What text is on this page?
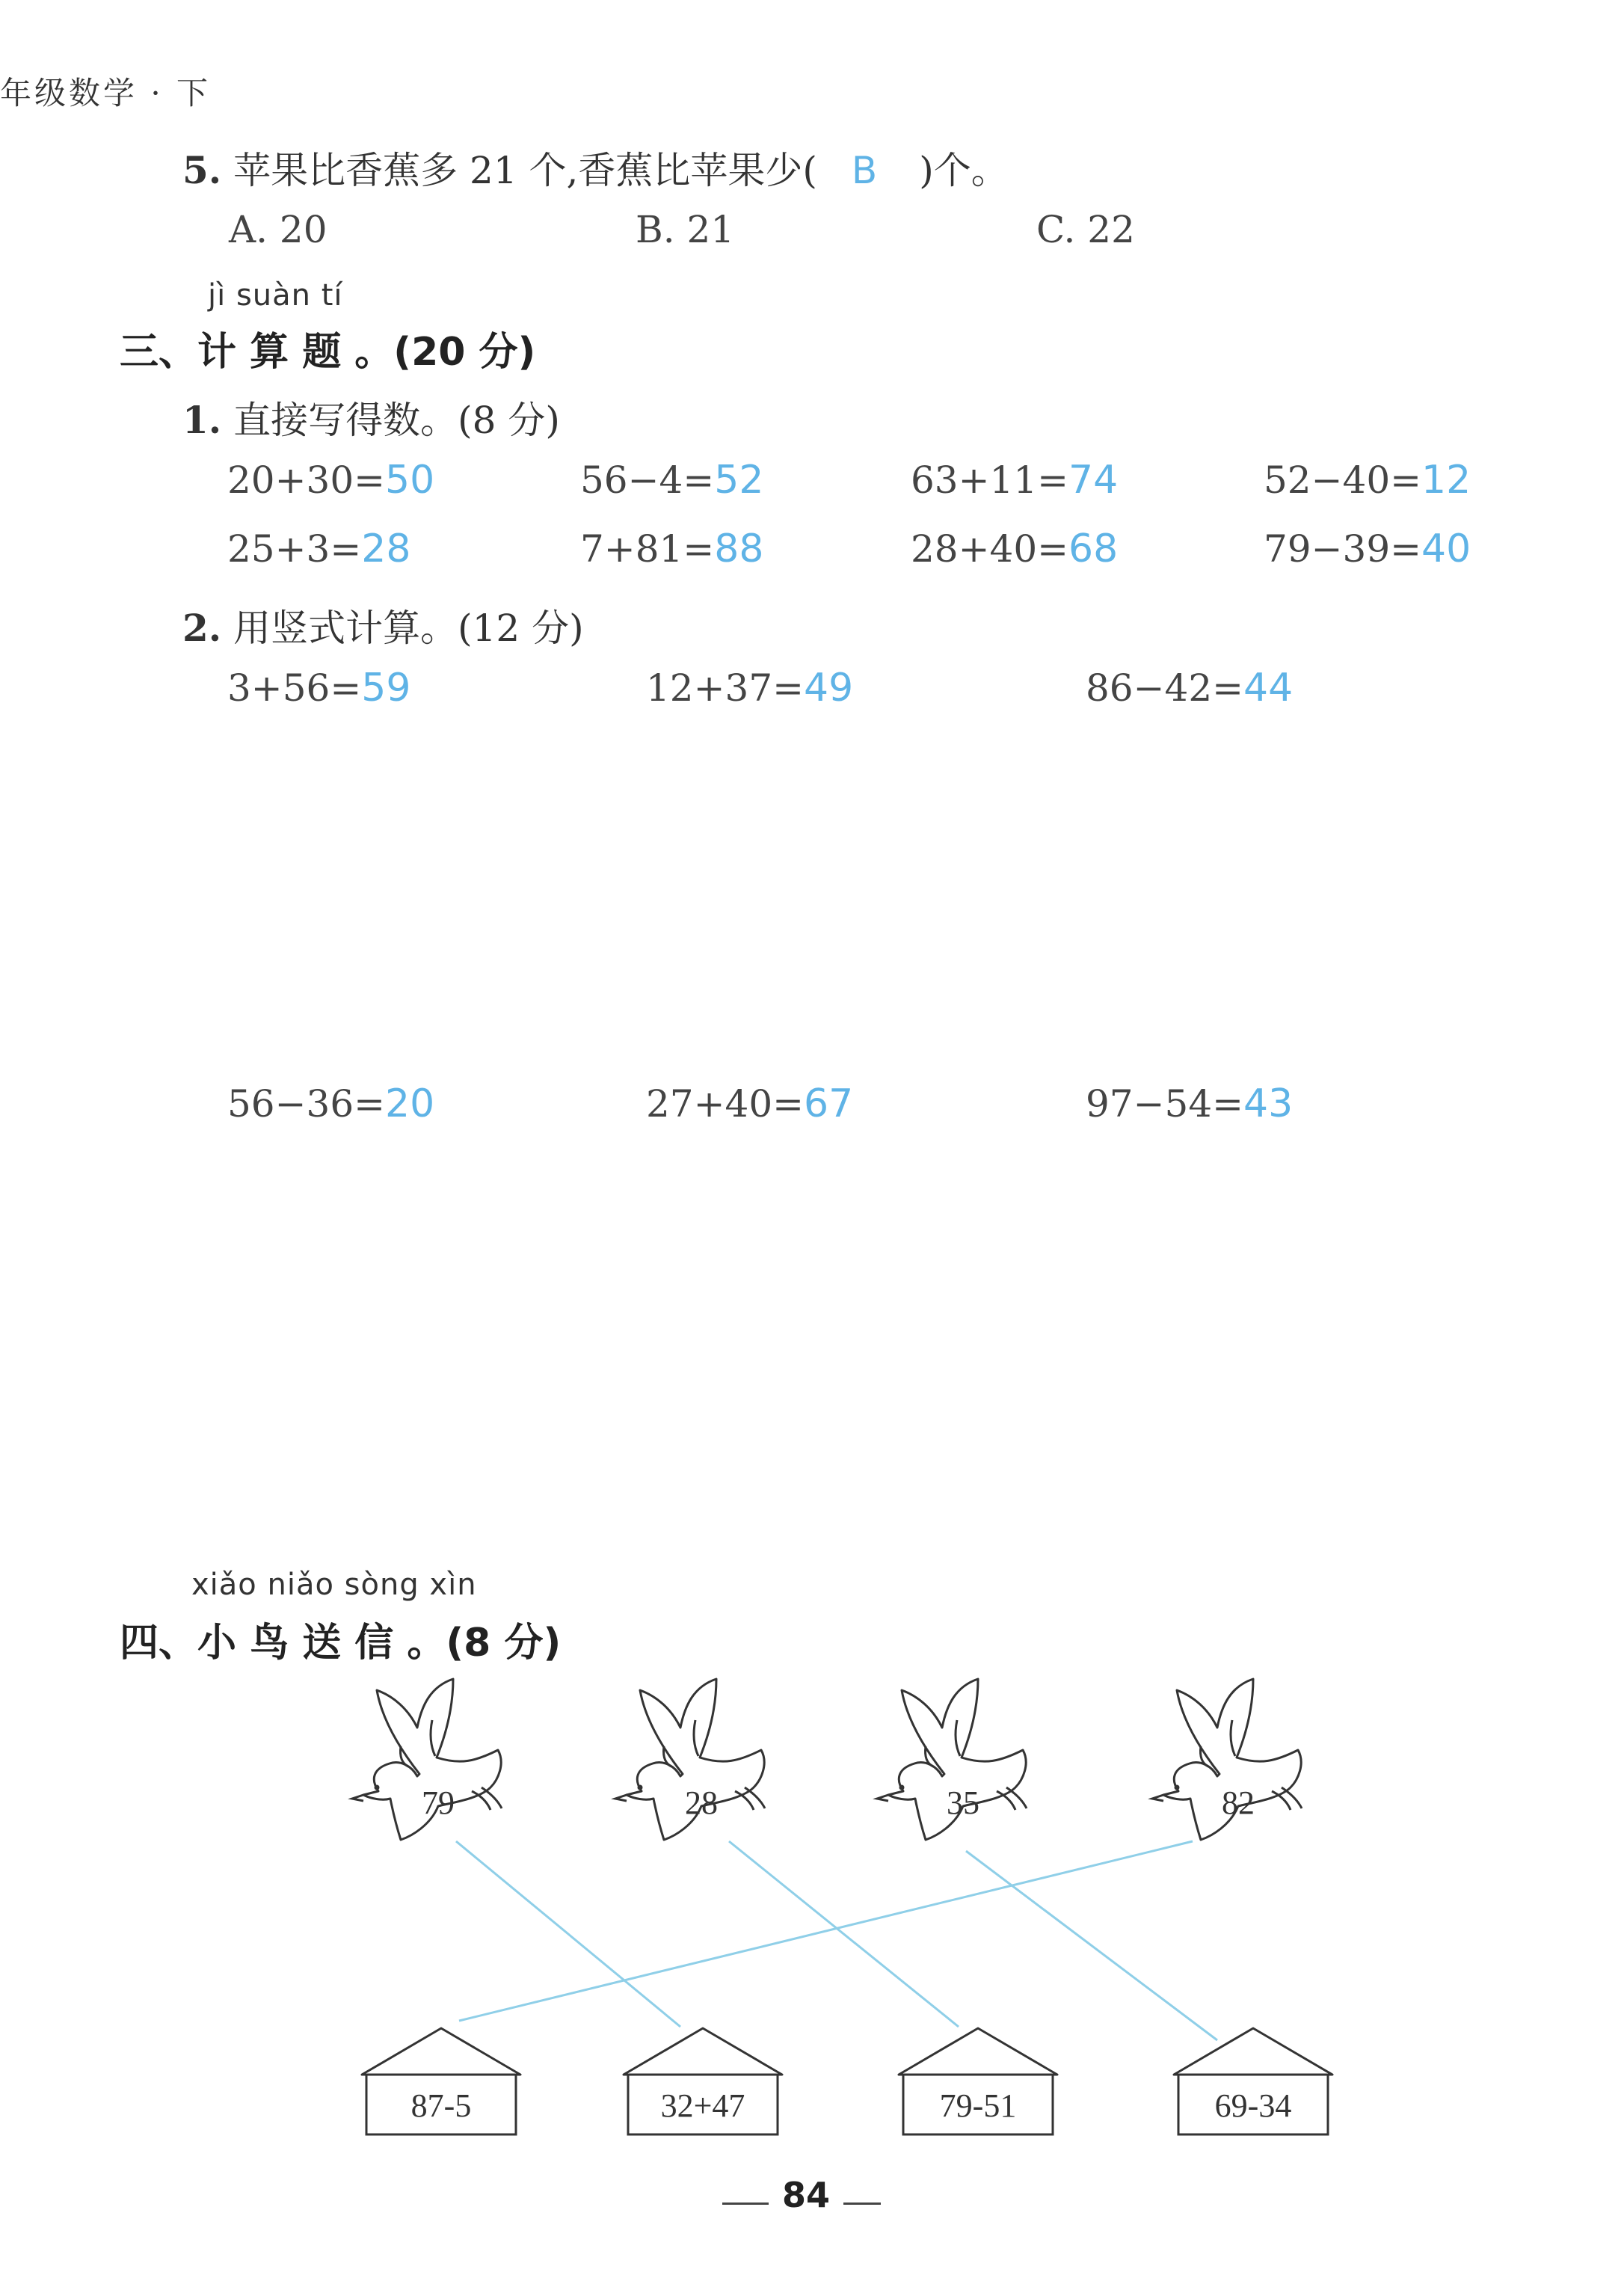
年级数学 · 下
5. 苹果比香蕉多 21 个,香蕉比苹果少( B )个。
A. 20	B. 21	C. 22
jì suàn tí
三、计 算 题 。(20 分)
1. 直接写得数。(8 分)
20+30=50	56−4=52	63+11=74	52−40=12
25+3=28	7+81=88	28+40=68	79−39=40
2. 用竖式计算。(12 分)
3+56=59	12+37=49	86−42=44
56−36=20	27+40=67	97−54=43
xiǎo niǎo sòng xìn
四、小 鸟 送 信 。(8 分)
79	28	35	82
87-5	32+47	79-51	69-34
84
